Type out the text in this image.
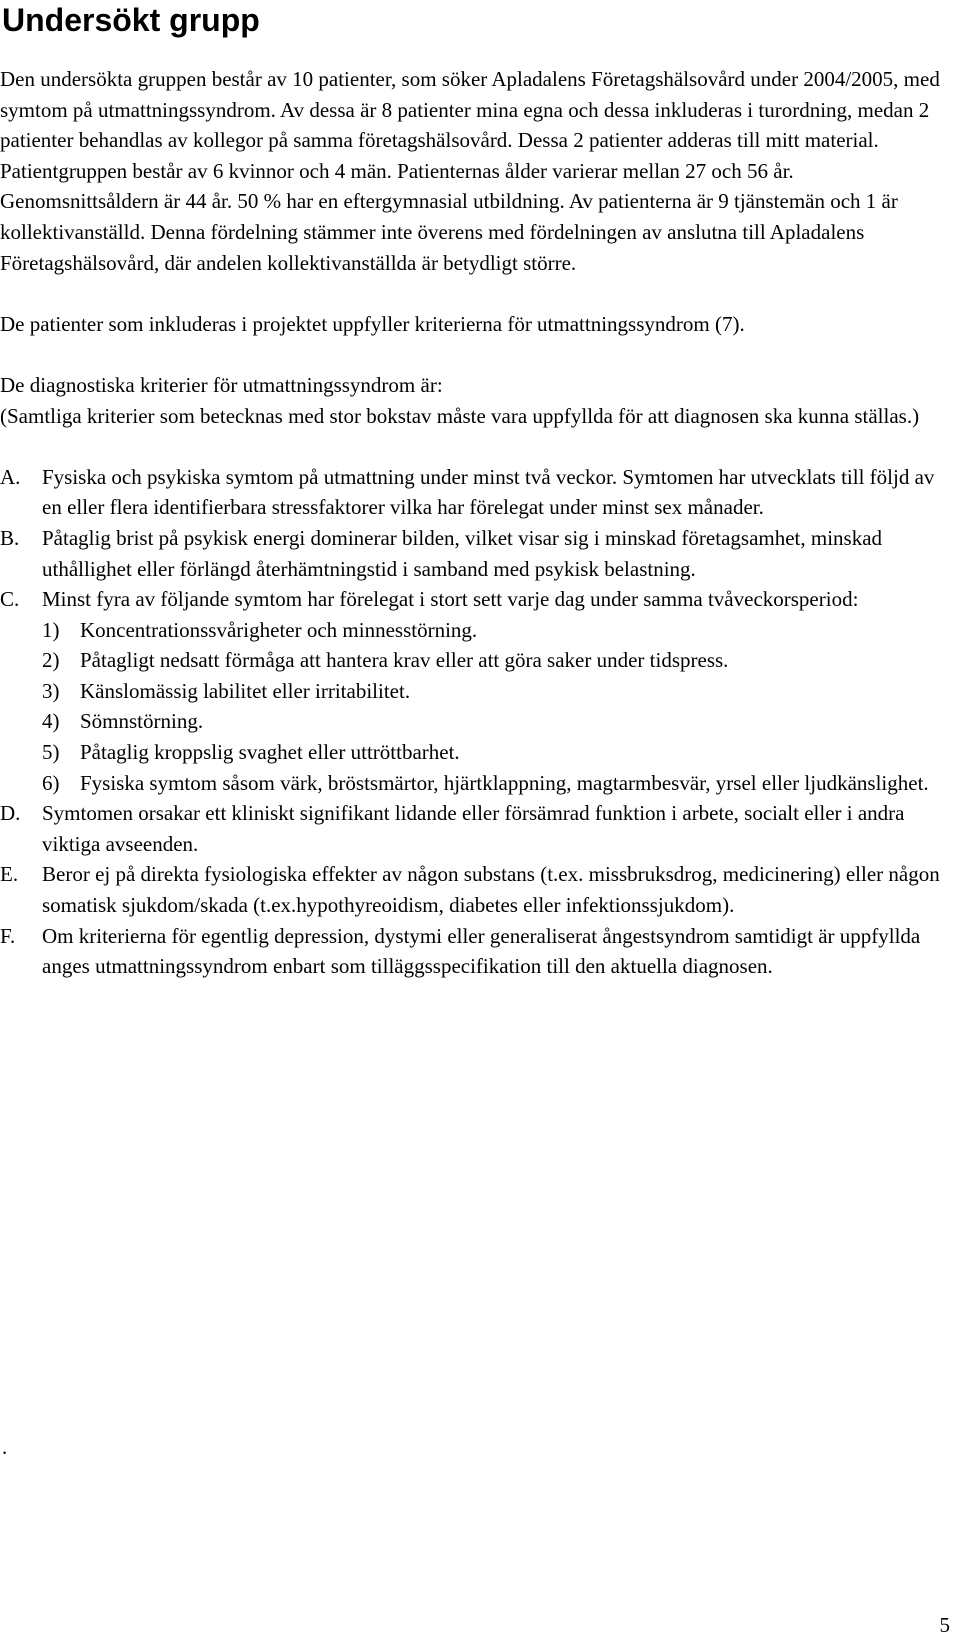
Undersökt grupp

Den undersökta gruppen består av 10 patienter, som söker Apladalens Företagshälsovård under 2004/2005, med symtom på utmattningssyndrom. Av dessa är 8 patienter mina egna och dessa inkluderas i turordning, medan 2 patienter behandlas av kollegor på samma företagshälsovård. Dessa 2 patienter adderas till mitt material. Patientgruppen består av 6 kvinnor och 4 män. Patienternas ålder varierar mellan 27 och 56 år. Genomsnittsåldern är 44 år. 50 % har en eftergymnasial utbildning. Av patienterna är 9 tjänstemän och 1 är kollektivanställd. Denna fördelning stämmer inte överens med fördelningen av anslutna till Apladalens Företagshälsovård, där andelen kollektivanställda är betydligt större.

De patienter som inkluderas i projektet uppfyller kriterierna för utmattningssyndrom (7).

De diagnostiska kriterier för utmattningssyndrom är:

(Samtliga kriterier som betecknas med stor bokstav måste vara uppfyllda för att diagnosen ska kunna ställas.)

A. Fysiska och psykiska symtom på utmattning under minst två veckor. Symtomen har utvecklats till följd av en eller flera identifierbara stressfaktorer vilka har förelegat under minst sex månader.
B. Påtaglig brist på psykisk energi dominerar bilden, vilket visar sig i minskad företagsamhet, minskad uthållighet eller förlängd återhämtningstid i samband med psykisk belastning.
C. Minst fyra av följande symtom har förelegat i stort sett varje dag under samma tvåveckorsperiod:
1) Koncentrationssvårigheter och minnesstörning.
2) Påtagligt nedsatt förmåga att hantera krav eller att göra saker under tidspress.
3) Känslomässig labilitet eller irritabilitet.
4) Sömnstörning.
5) Påtaglig kroppslig svaghet eller uttröttbarhet.
6) Fysiska symtom såsom värk, bröstsmärtor, hjärtklappning, magtarmbesvär, yrsel eller ljudkänslighet.
D. Symtomen orsakar ett kliniskt signifikant lidande eller försämrad funktion i arbete, socialt eller i andra viktiga avseenden.
E. Beror ej på direkta fysiologiska effekter av någon substans (t.ex. missbruksdrog, medicinering) eller någon somatisk sjukdom/skada (t.ex.hypothyreoidism, diabetes eller infektionssjukdom).
F. Om kriterierna för egentlig depression, dystymi eller generaliserat ångestsyndrom samtidigt är uppfyllda anges utmattningssyndrom enbart som tilläggsspecifikation till den aktuella diagnosen.
.
5
